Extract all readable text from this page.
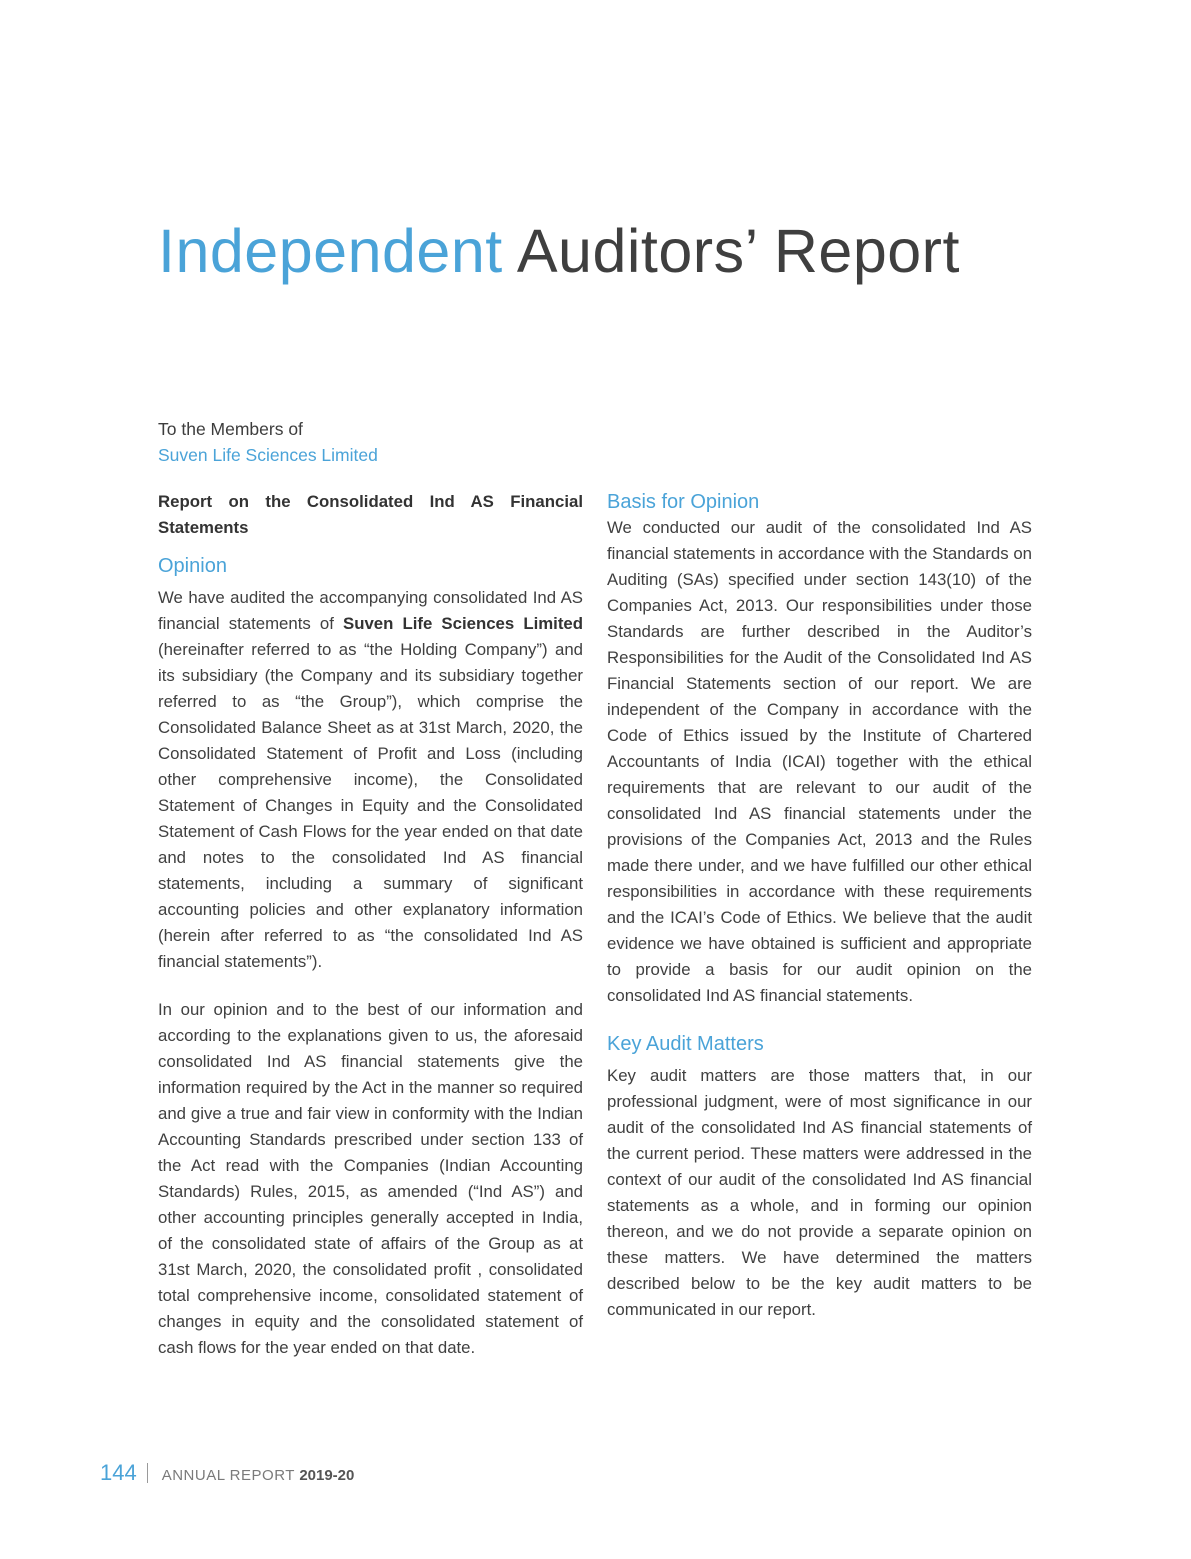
Independent Auditors’ Report
To the Members of
Suven Life Sciences Limited

Report on the Consolidated Ind AS Financial Statements

Opinion

We have audited the accompanying consolidated Ind AS financial statements of Suven Life Sciences Limited (hereinafter referred to as “the Holding Company”) and its subsidiary (the Company and its subsidiary together referred to as “the Group”), which comprise the Consolidated Balance Sheet as at 31st March, 2020, the Consolidated Statement of Profit and Loss (including other comprehensive income), the Consolidated Statement of Changes in Equity and the Consolidated Statement of Cash Flows for the year ended on that date and notes to the consolidated Ind AS financial statements, including a summary of significant accounting policies and other explanatory information (herein after referred to as “the consolidated Ind AS financial statements”).

In our opinion and to the best of our information and according to the explanations given to us, the aforesaid consolidated Ind AS financial statements give the information required by the Act in the manner so required and give a true and fair view in conformity with the Indian Accounting Standards prescribed under section 133 of the Act read with the Companies (Indian Accounting Standards) Rules, 2015, as amended (“Ind AS”) and other accounting principles generally accepted in India, of the consolidated state of affairs of the Group as at 31st March, 2020, the consolidated profit , consolidated total comprehensive income, consolidated statement of changes in equity and the consolidated statement of cash flows for the year ended on that date.

Basis for Opinion

We conducted our audit of the consolidated Ind AS financial statements in accordance with the Standards on Auditing (SAs) specified under section 143(10) of the Companies Act, 2013. Our responsibilities under those Standards are further described in the Auditor’s Responsibilities for the Audit of the Consolidated Ind AS Financial Statements section of our report. We are independent of the Company in accordance with the Code of Ethics issued by the Institute of Chartered Accountants of India (ICAI) together with the ethical requirements that are relevant to our audit of the consolidated Ind AS financial statements under the provisions of the Companies Act, 2013 and the Rules made there under, and we have fulfilled our other ethical responsibilities in accordance with these requirements and the ICAI’s Code of Ethics. We believe that the audit evidence we have obtained is sufficient and appropriate to provide a basis for our audit opinion on the consolidated Ind AS financial statements.

Key Audit Matters

Key audit matters are those matters that, in our professional judgment, were of most significance in our audit of the consolidated Ind AS financial statements of the current period. These matters were addressed in the context of our audit of the consolidated Ind AS financial statements as a whole, and in forming our opinion thereon, and we do not provide a separate opinion on these matters. We have determined the matters described below to be the key audit matters to be communicated in our report.

144 ANNUAL REPORT 2019-20
